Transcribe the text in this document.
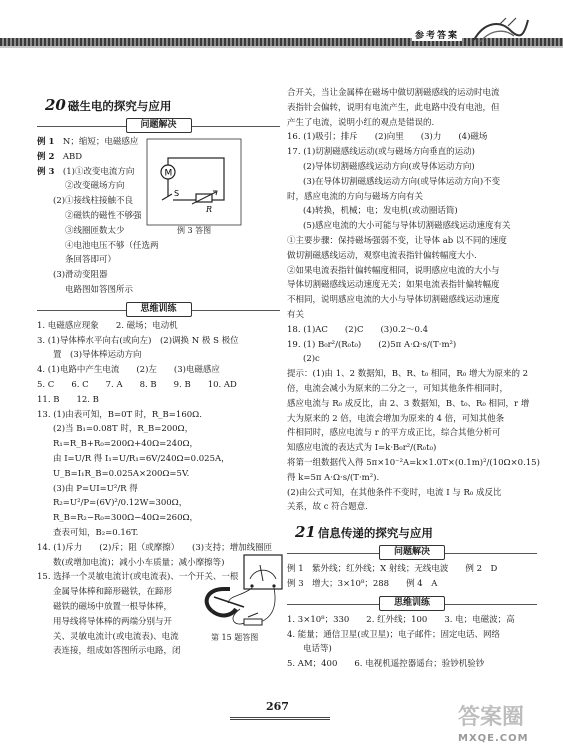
参考答案
20 磁生电的探究与应用
问题解决
例 1　 N；缩短；电磁感应
例 2　 ABD
例 3　 (1)①改变电流方向
②改变磁场方向
(2)①接线柱接触不良
②磁铁的磁性不够强
③线圈匝数太少
④电池电压不够（任选两
条回答即可）
(3)滑动变阻器
电路图如答图所示
思维训练
1. 电磁感应现象　　2. 磁场；电动机
3. (1)导体棒水平向右(或向左)　(2)调换 N 极 S 极位
置　(3)导体棒运动方向
4. (1)电路中产生电流　　(2)左　　(3)电磁感应
5. C　　6. C　　7. A　　8. B　　9. B　　10. AD
11. B　　12. B
13. (1)由表可知，B=0T 时，R_B=160Ω.
(2)当 B₁=0.08T 时，R_B=200Ω，
R₁=R_B+R₀=200Ω+40Ω=240Ω，
由 I=U/R 得 I₁=U/R₁=6V/240Ω=0.025A，
U_B=I₁R_B=0.025A×200Ω=5V.
(3)由 P=UI=U²/R 得
R₂=U²/P=(6V)²/0.12W=300Ω，
R_B=R₂−R₀=300Ω−40Ω=260Ω，
查表可知，B₂=0.16T.
14. (1)斥力　　(2)斥；阻（或摩擦）　　(3)支持；增加线圈匝
数(或增加电流)；减小小车质量；减小摩擦等)
15. 选择一个灵敏电流计(或电流表)、一个开关、一根
金属导体棒和蹄形磁铁，在蹄形
磁铁的磁场中放置一根导体棒，
用导线将导体棒的两端分别与开
关、灵敏电流计(或电流表)、电流
表连接，组成如答图所示电路，闭
M
R
S
例 3 答图
第 15 题答图
合开关，当让金属棒在磁场中做切割磁感线的运动时电流
表指针会偏转，说明有电流产生，此电路中没有电池，但
产生了电流，说明小红的观点是错误的.
16. (1)吸引；排斥　　(2)向里　　(3)力　　(4)磁场
17. (1)切割磁感线运动(或与磁场方向垂直的运动)
(2)导体切割磁感线运动方向(或导体运动方向)
(3)在导体切割磁感线运动方向(或导体运动方向)不变
时，感应电流的方向与磁场方向有关
(4)转换，机械；电；发电机(或动圈话筒)
(5)感应电流的大小可能与导体切割磁感线运动速度有关
①主要步骤：保持磁场强弱不变，让导体 ab 以不同的速度
做切割磁感线运动，观察电流表指针偏转幅度大小.
②如果电流表指针偏转幅度相同，说明感应电流的大小与
导体切割磁感线运动速度无关；如果电流表指针偏转幅度
不相同，说明感应电流的大小与导体切割磁感线运动速度
有关
18. (1)AC　　(2)C　　(3)0.2～0.4
19. (1) B₀r²/(R₀t₀)　　(2)5π A·Ω·s/(T·m²)
(2)c
提示：(1)由 1、2 数据知，B、R、t₀ 相同，R₀ 增大为原来的 2
倍，电流会减小为原来的二分之一，可知其他条件相同时，
感应电流与 R₀ 成反比，由 2、3 数据知，B、t₀、R₀ 相同，r 增
大为原来的 2 倍，电流会增加为原来的 4 倍，可知其他条
件相同时，感应电流与 r 的平方成正比，综合其他分析可
知感应电流的表达式为 I=k·B₀r²/(R₀t₀)
将第一组数据代入得 5π×10⁻²A=k×1.0T×(0.1m)²/(10Ω×0.15)
得 k=5π A·Ω·s/(T·m²).
(2)由公式可知，在其他条件不变时，电流 I 与 R₀ 成反比
关系，故 c 符合题意.
21 信息传递的探究与应用
问题解决
例 1　紫外线；红外线；X 射线；无线电波　　例 2　D
例 3　增大；3×10⁸；288　　例 4　A
思维训练
1. 3×10⁸；330　　2. 红外线；100　　3. 电；电磁波；高
4. 能量；通信卫星(或卫星)；电子邮件；固定电话、网络
电话等)
5. AM；400　　6. 电视机遥控器遥台；验钞机验钞
267	答案圈
MXQE.COM
